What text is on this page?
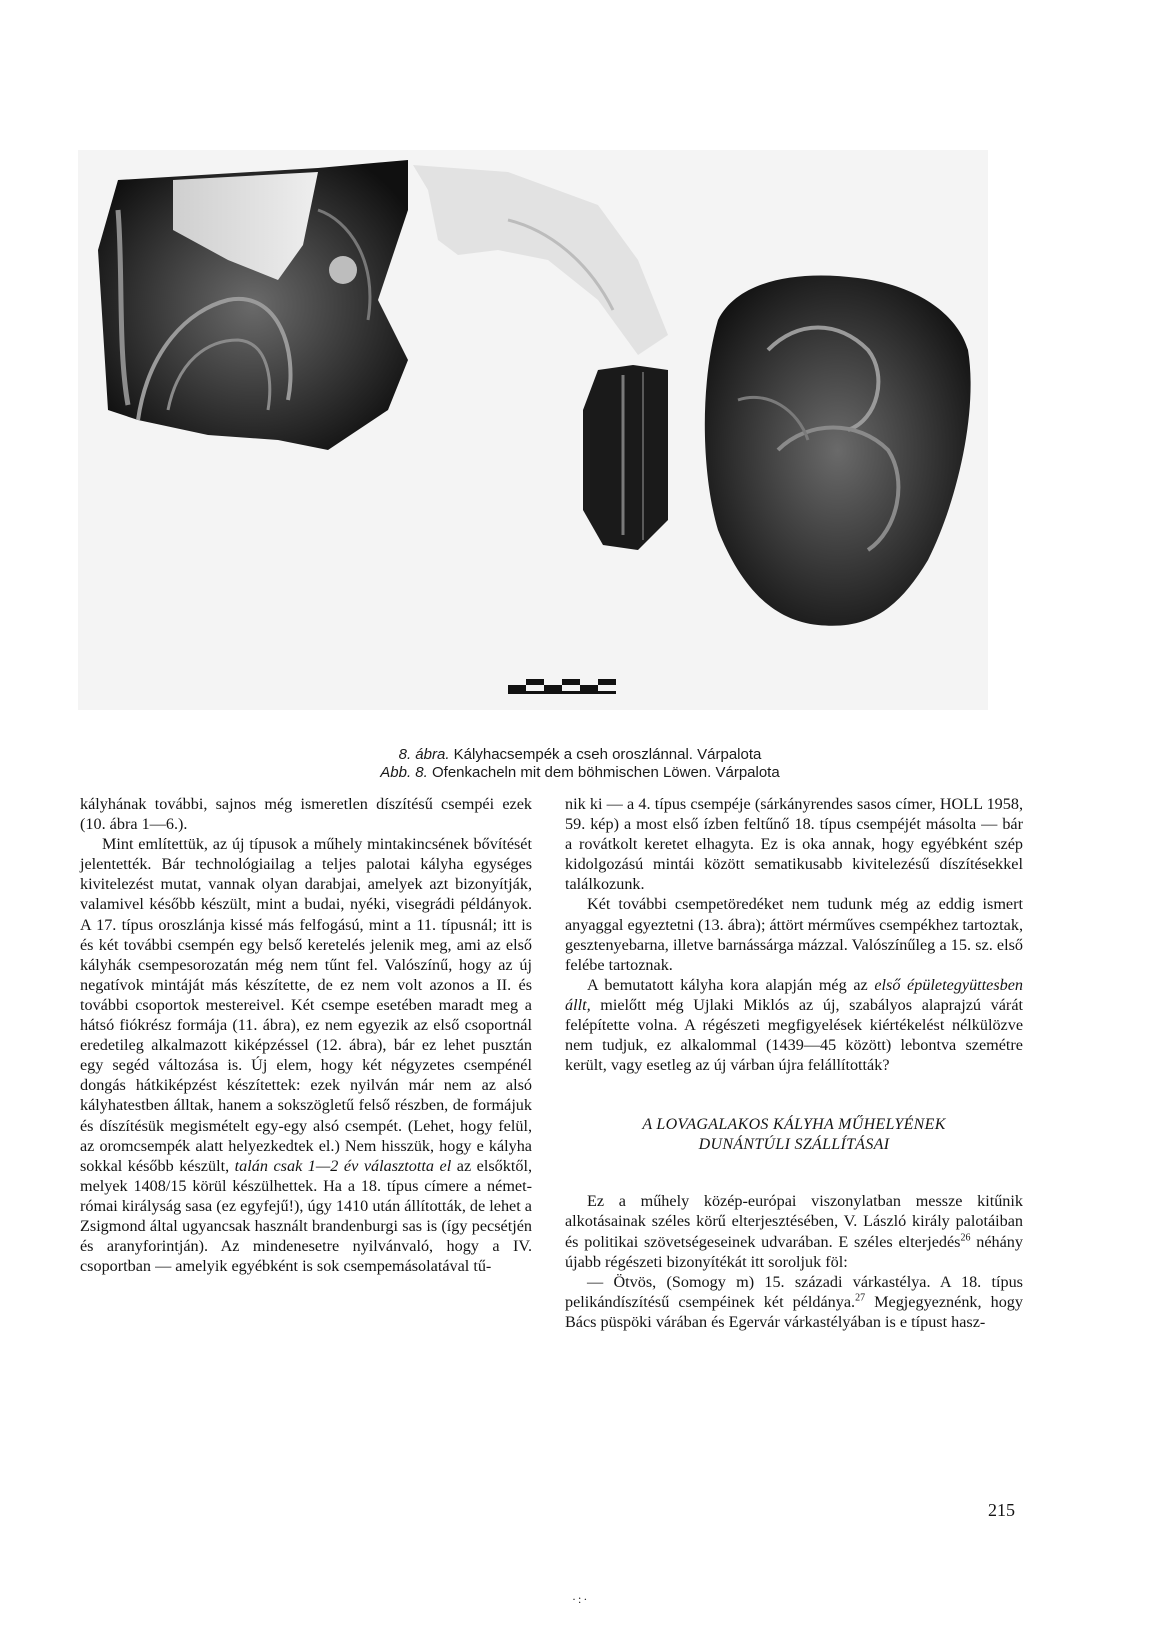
8. ábra. Kályhacsempék a cseh oroszlánnal. Várpalota
Abb. 8. Ofenkacheln mit dem böhmischen Löwen. Várpalota

kályhának további, sajnos még ismeretlen díszítésű csempéi ezek (10. ábra 1—6.).

Mint említettük, az új típusok a műhely mintakincsének bővítését jelentették. Bár technológiailag a teljes palotai kályha egységes kivitelezést mutat, vannak olyan darabjai, amelyek azt bizonyítják, valamivel később készült, mint a budai, nyéki, visegrádi példányok. A 17. típus oroszlánja kissé más felfogású, mint a 11. típusnál; itt is és két további csempén egy belső keretelés jelenik meg, ami az első kályhák csempesorozatán még nem tűnt fel. Valószínű, hogy az új negatívok mintáját más készítette, de ez nem volt azonos a II. és további csoportok mestereivel. Két csempe esetében maradt meg a hátsó fiókrész formája (11. ábra), ez nem egyezik az első csoportnál eredetileg alkalmazott kiképzéssel (12. ábra), bár ez lehet pusztán egy segéd változása is. Új elem, hogy két négyzetes csempénél dongás hátkiképzést készítettek: ezek nyilván már nem az alsó kályhatestben álltak, hanem a sokszögletű felső részben, de formájuk és díszítésük megismételt egy-egy alsó csempét. (Lehet, hogy felül, az oromcsempék alatt helyezkedtek el.) Nem hisszük, hogy e kályha sokkal később készült, talán csak 1—2 év választotta el az elsőktől, melyek 1408/15 körül készülhettek. Ha a 18. típus címere a német-római királyság sasa (ez egyfejű!), úgy 1410 után állították, de lehet a Zsigmond által ugyancsak használt brandenburgi sas is (így pecsétjén és aranyforintján). Az mindenesetre nyilvánvaló, hogy a IV. csoportban — amelyik egyébként is sok csempemásolatával tű-

nik ki — a 4. típus csempéje (sárkányrendes sasos címer, HOLL 1958, 59. kép) a most első ízben feltűnő 18. típus csempéjét másolta — bár a rovátkolt keretet elhagyta. Ez is oka annak, hogy egyébként szép kidolgozású mintái között sematikusabb kivitelezésű díszítésekkel találkozunk.

Két további csempetöredéket nem tudunk még az eddig ismert anyaggal egyeztetni (13. ábra); áttört mérműves csempékhez tartoztak, gesztenyebarna, illetve barnássárga mázzal. Valószínűleg a 15. sz. első felébe tartoznak.

A bemutatott kályha kora alapján még az első épületegyüttesben állt, mielőtt még Ujlaki Miklós az új, szabályos alaprajzú várát felépítette volna. A régészeti megfigyelések kiértékelést nélkülözve nem tudjuk, ez alkalommal (1439—45 között) lebontva szemétre került, vagy esetleg az új várban újra felállították?

A LOVAGALAKOS KÁLYHA MŰHELYÉNEK
DUNÁNTÚLI SZÁLLÍTÁSAI

Ez a műhely közép-európai viszonylatban messze kitűnik alkotásainak széles körű elterjesztésében, V. László király palotáiban és politikai szövetségeseinek udvarában. E széles elterjedés$^{26}$ néhány újabb régészeti bizonyítékát itt soroljuk föl:

— Ötvös, (Somogy m) 15. századi várkastélya. A 18. típus pelikándíszítésű csempéinek két példánya.$^{27}$ Megjegyeznénk, hogy Bács püspöki várában és Egervár várkastélyában is e típust hasz-

215
·:·
